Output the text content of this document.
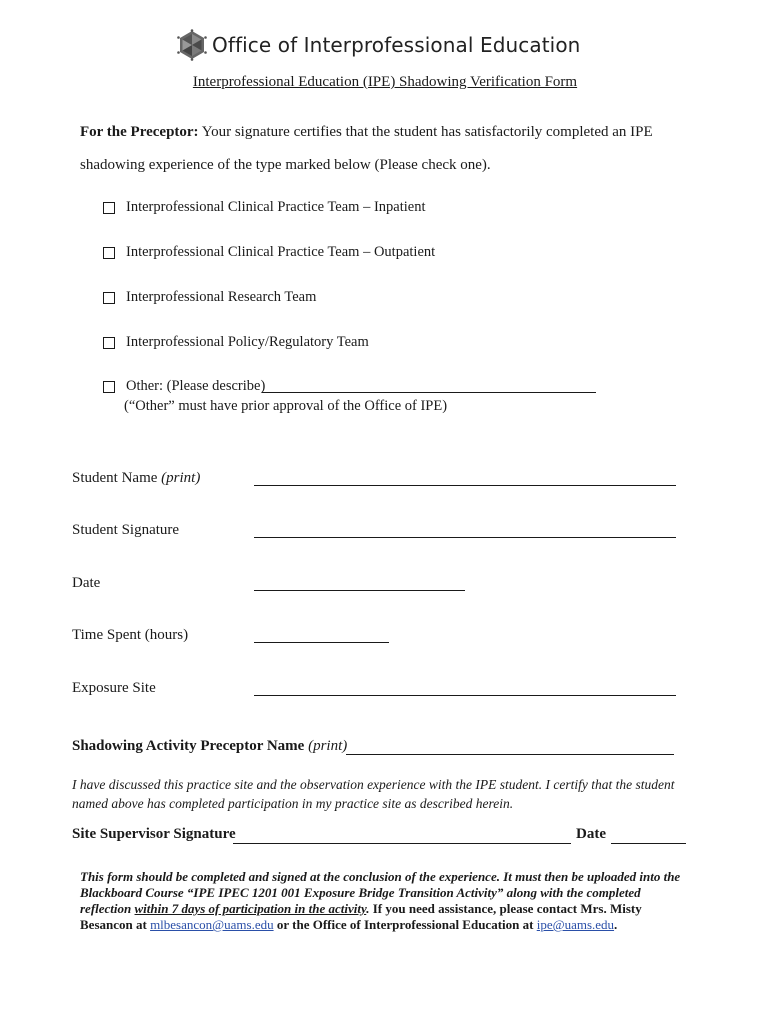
Office of Interprofessional Education
Interprofessional Education (IPE) Shadowing Verification Form
For the Preceptor: Your signature certifies that the student has satisfactorily completed an IPE shadowing experience of the type marked below (Please check one).
Interprofessional Clinical Practice Team – Inpatient
Interprofessional Clinical Practice Team – Outpatient
Interprofessional Research Team
Interprofessional Policy/Regulatory Team
Other: (Please describe)
(“Other” must have prior approval of the Office of IPE)
Student Name (print)
Student Signature
Date
Time Spent (hours)
Exposure Site
Shadowing Activity Preceptor Name (print)
I have discussed this practice site and the observation experience with the IPE student. I certify that the student named above has completed participation in my practice site as described herein.
Site Supervisor Signature	Date
This form should be completed and signed at the conclusion of the experience. It must then be uploaded into the Blackboard Course “IPE IPEC 1201 001 Exposure Bridge Transition Activity” along with the completed reflection within 7 days of participation in the activity. If you need assistance, please contact Mrs. Misty Besancon at mlbesancon@uams.edu or the Office of Interprofessional Education at ipe@uams.edu.
